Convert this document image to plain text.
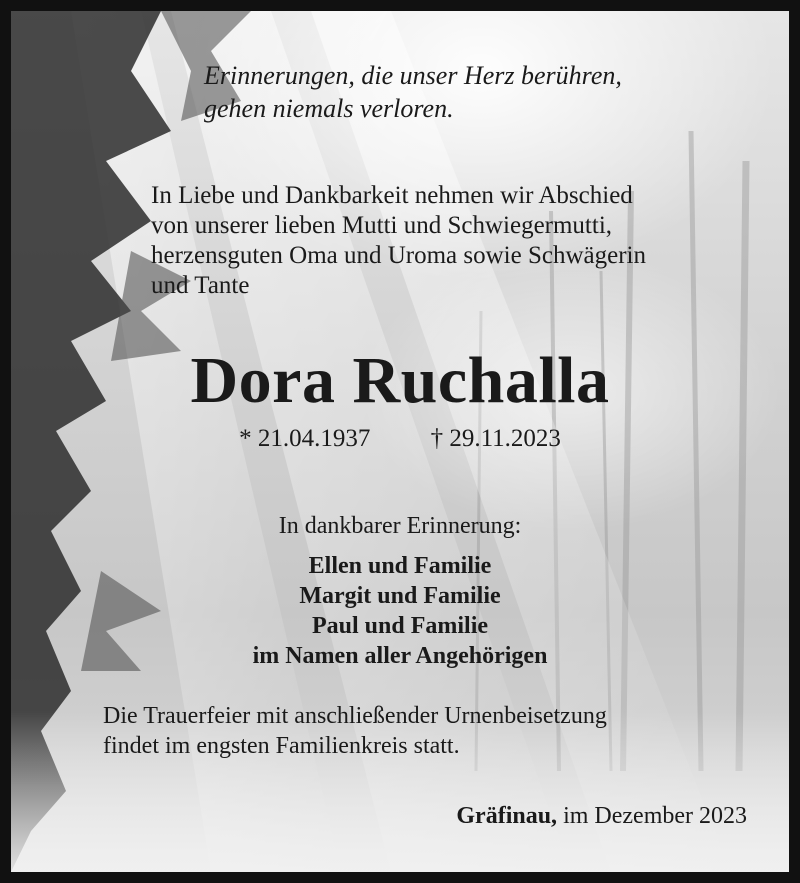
Erinnerungen, die unser Herz berühren,
gehen niemals verloren.

In Liebe und Dankbarkeit nehmen wir Abschied
von unserer lieben Mutti und Schwiegermutti,
herzensguten Oma und Uroma sowie Schwägerin
und Tante

Dora Ruchalla
* 21.04.1937 † 29.11.2023

In dankbarer Erinnerung:

Ellen und Familie
Margit und Familie
Paul und Familie
im Namen aller Angehörigen

Die Trauerfeier mit anschließender Urnenbeisetzung
findet im engsten Familienkreis statt.

Gräfinau, im Dezember 2023
